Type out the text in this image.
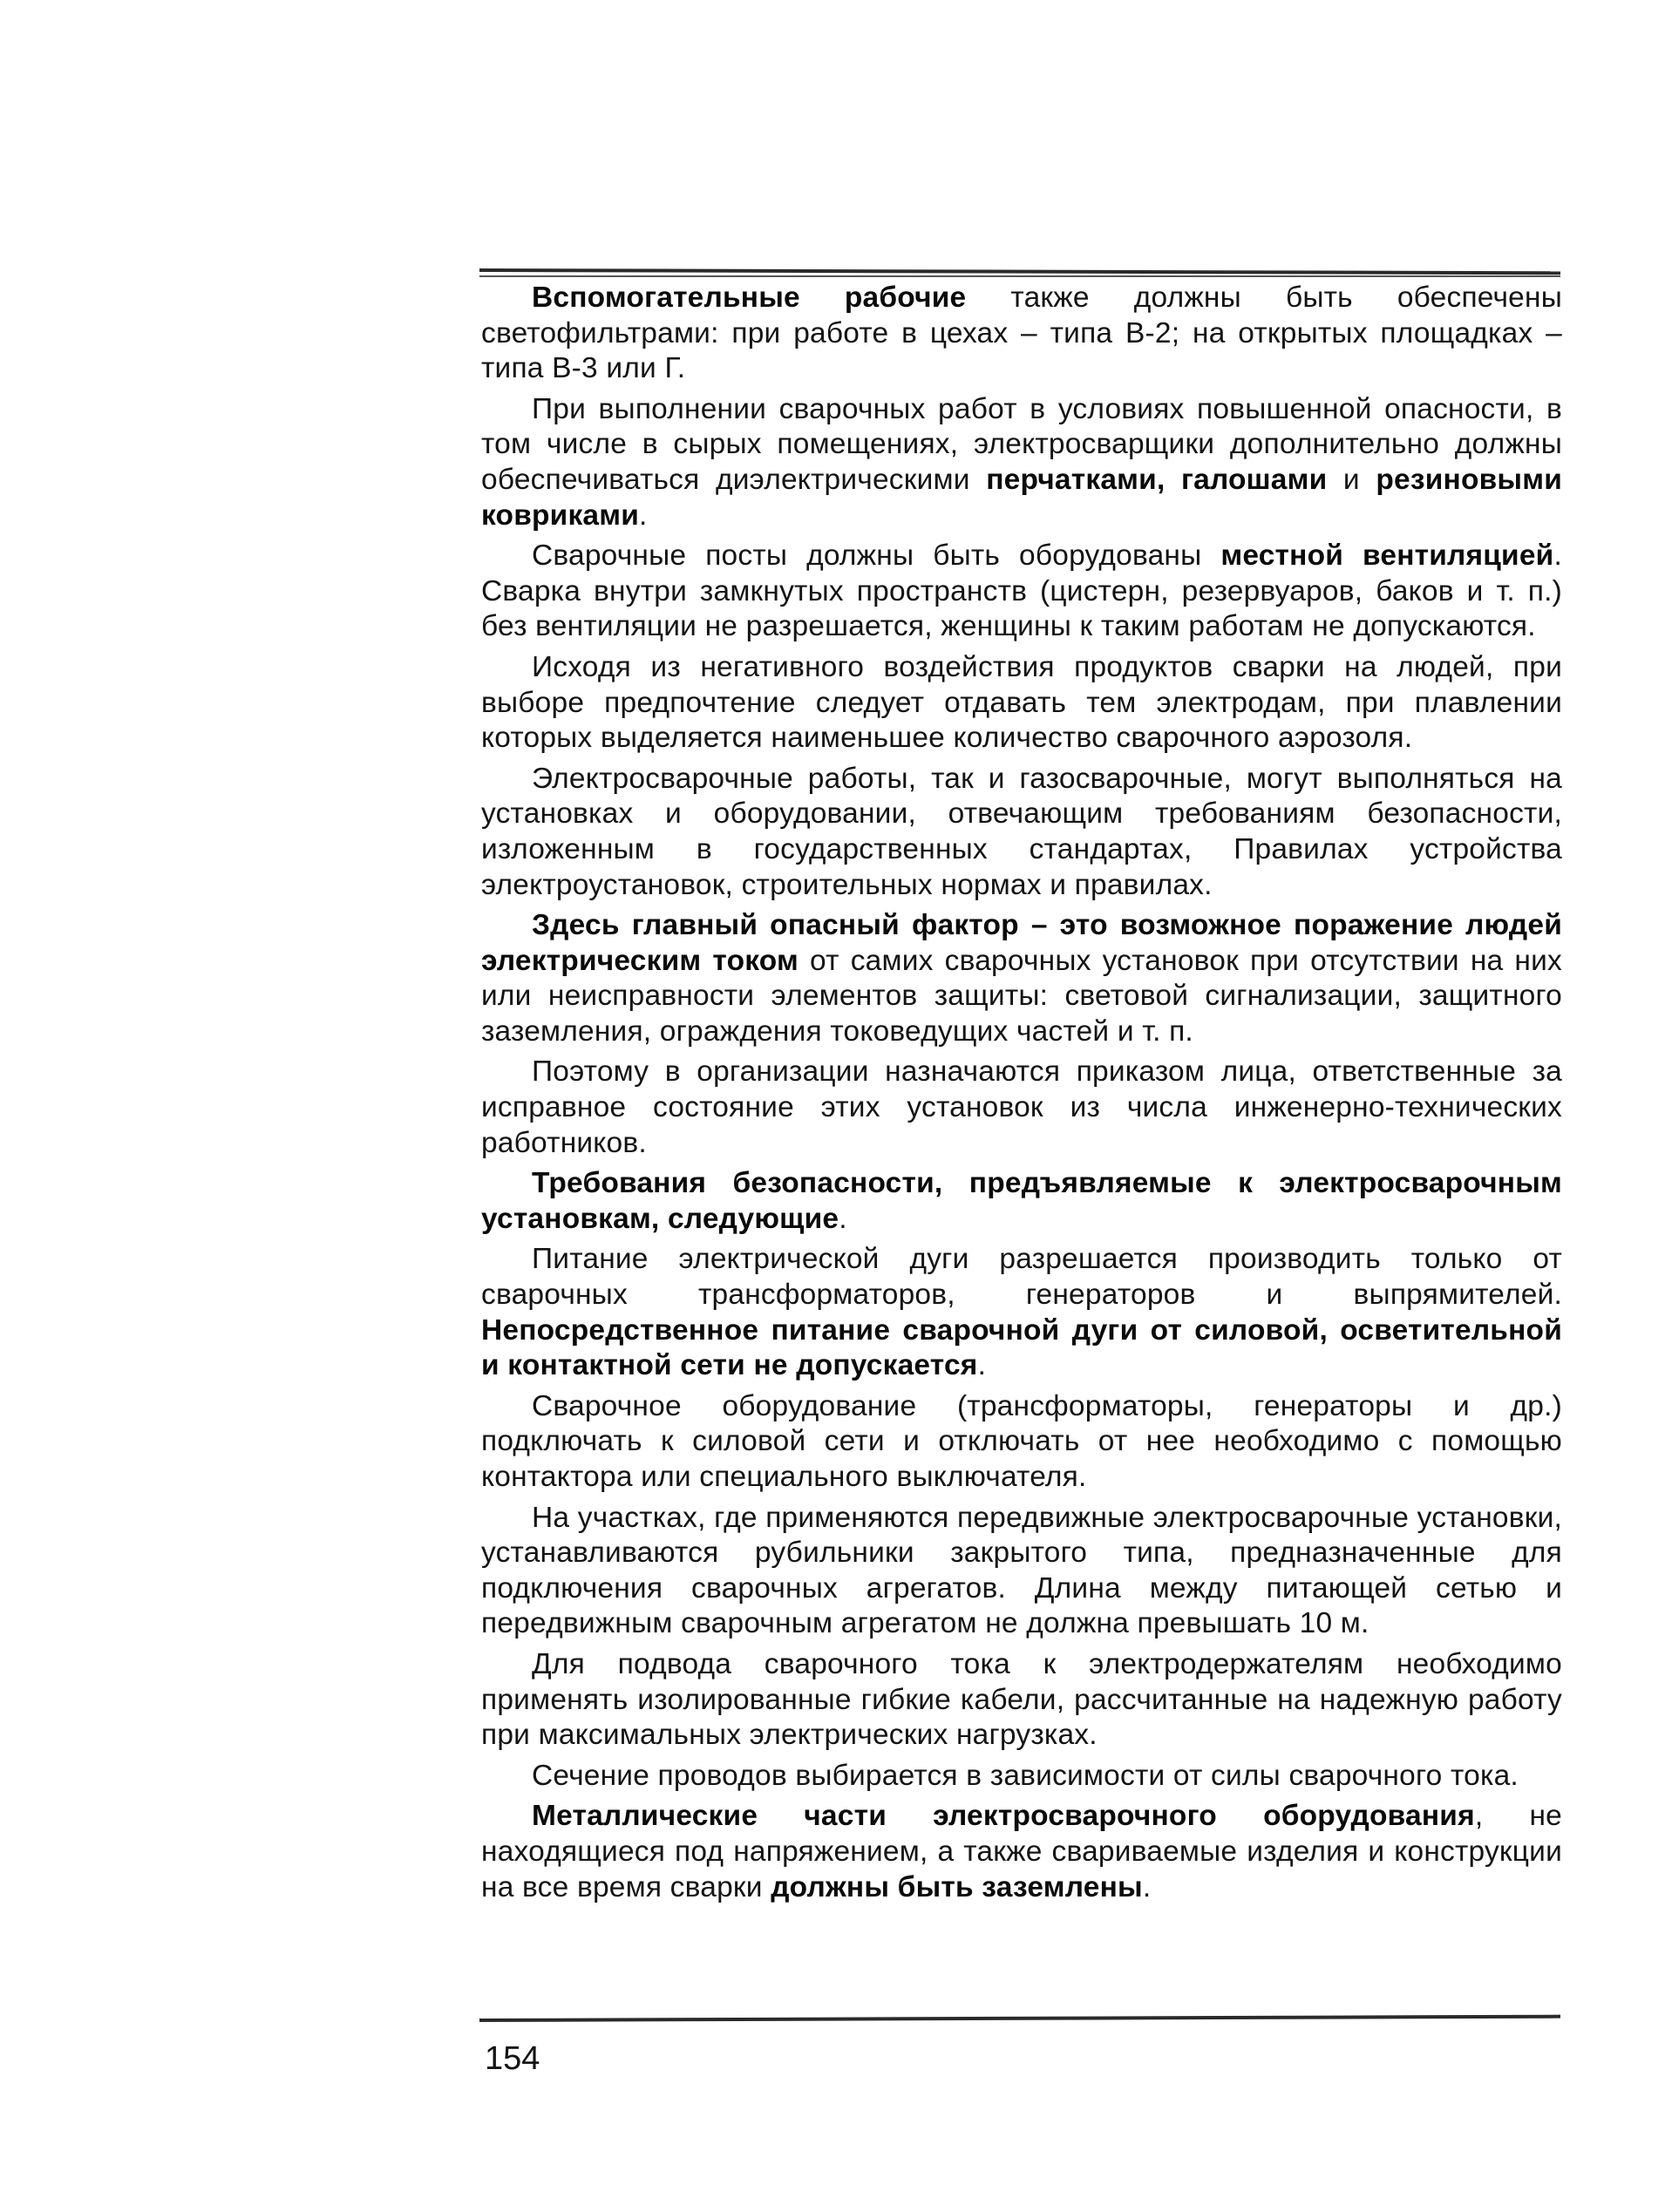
Вспомогательные рабочие также должны быть обеспечены светофильтрами: при работе в цехах – типа В-2; на открытых площадках – типа В-3 или Г.

При выполнении сварочных работ в условиях повышенной опасности, в том числе в сырых помещениях, электросварщики дополнительно должны обеспечиваться диэлектрическими перчатками, галошами и резиновыми ковриками.

Сварочные посты должны быть оборудованы местной вентиляцией. Сварка внутри замкнутых пространств (цистерн, резервуаров, баков и т. п.) без вентиляции не разрешается, женщины к таким работам не допускаются.

Исходя из негативного воздействия продуктов сварки на людей, при выборе предпочтение следует отдавать тем электродам, при плавлении которых выделяется наименьшее количество сварочного аэрозоля.

Электросварочные работы, так и газосварочные, могут выполняться на установках и оборудовании, отвечающим требованиям безопасности, изложенным в государственных стандартах, Правилах устройства электроустановок, строительных нормах и правилах.

Здесь главный опасный фактор – это возможное поражение людей электрическим током от самих сварочных установок при отсутствии на них или неисправности элементов защиты: световой сигнализации, защитного заземления, ограждения токоведущих частей и т. п.

Поэтому в организации назначаются приказом лица, ответственные за исправное состояние этих установок из числа инженерно-технических работников.

Требования безопасности, предъявляемые к электросварочным установкам, следующие.

Питание электрической дуги разрешается производить только от сварочных трансформаторов, генераторов и выпрямителей. Непосредственное питание сварочной дуги от силовой, осветительной и контактной сети не допускается.

Сварочное оборудование (трансформаторы, генераторы и др.) подключать к силовой сети и отключать от нее необходимо с помощью контактора или специального выключателя.

На участках, где применяются передвижные электросварочные установки, устанавливаются рубильники закрытого типа, предназначенные для подключения сварочных агрегатов. Длина между питающей сетью и передвижным сварочным агрегатом не должна превышать 10 м.

Для подвода сварочного тока к электродержателям необходимо применять изолированные гибкие кабели, рассчитанные на надежную работу при максимальных электрических нагрузках.

Сечение проводов выбирается в зависимости от силы сварочного тока.

Металлические части электросварочного оборудования, не находящиеся под напряжением, а также свариваемые изделия и конструкции на все время сварки должны быть заземлены.

154
